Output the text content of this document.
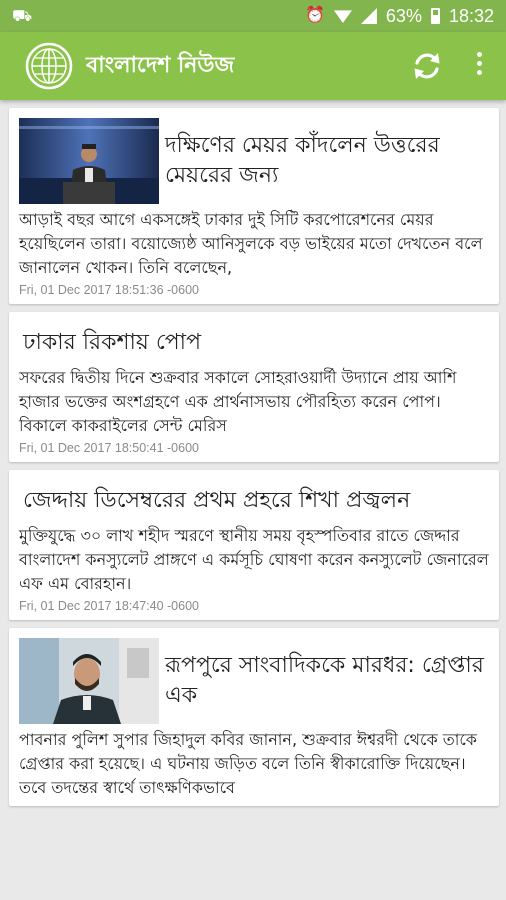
⛟	⏰	63% 18:32
বাংলাদেশ নিউজ
দক্ষিণের মেয়র কাঁদলেন উত্তরের মেয়রের জন্য
আড়াই বছর আগে একসঙ্গেই ঢাকার দুই সিটি করপোরেশনের মেয়র হয়েছিলেন তারা। বয়োজ্যেষ্ঠ আনিসুলকে বড় ভাইয়ের মতো দেখতেন বলে জানালেন খোকন। তিনি বলেছেন,
Fri, 01 Dec 2017 18:51:36 -0600
ঢাকার রিকশায় পোপ
সফরের দ্বিতীয় দিনে শুক্রবার সকালে সোহরাওয়ার্দী উদ্যানে প্রায় আশি হাজার ভক্তের অংশগ্রহণে এক প্রার্থনাসভায় পৌরহিত্য করেন পোপ। বিকালে কাকরাইলের সেন্ট মেরিস
Fri, 01 Dec 2017 18:50:41 -0600
জেদ্দায় ডিসেম্বরের প্রথম প্রহরে শিখা প্রজ্বলন
মুক্তিযুদ্ধে ৩০ লাখ শহীদ স্মরণে স্থানীয় সময় বৃহস্পতিবার রাতে জেদ্দার বাংলাদেশ কনস্যুলেট প্রাঙ্গণে এ কর্মসূচি ঘোষণা করেন কনস্যুলেট জেনারেল এফ এম বোরহান।
Fri, 01 Dec 2017 18:47:40 -0600
রূপপুরে সাংবাদিককে মারধর: গ্রেপ্তার এক
পাবনার পুলিশ সুপার জিহাদুল কবির জানান, শুক্রবার ঈশ্বরদী থেকে তাকে গ্রেপ্তার করা হয়েছে। এ ঘটনায় জড়িত বলে তিনি স্বীকারোক্তি দিয়েছেন। তবে তদন্তের স্বার্থে তাৎক্ষণিকভাবে
